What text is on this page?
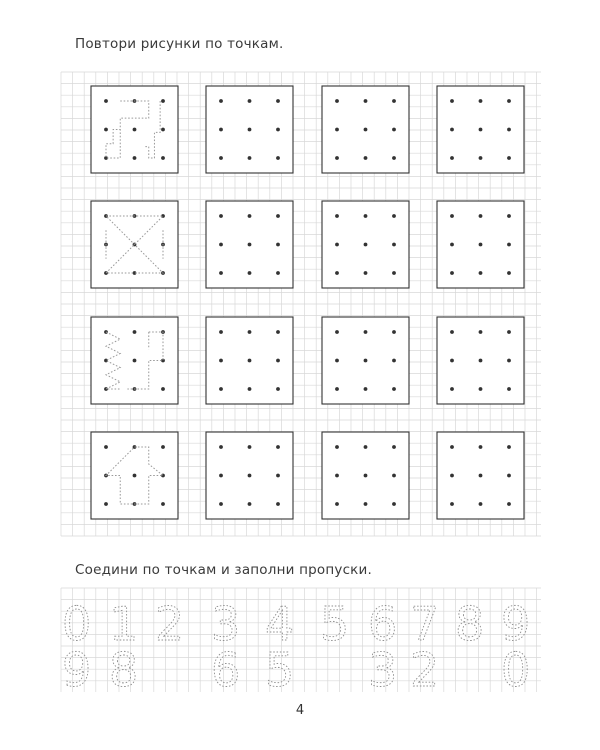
Повтори рисунки по точкам.
Соедини по точкам и заполни пропуски.
0 1 2 3 4 5 6 7 8 9
9 8 6 5 3 2 0
4
